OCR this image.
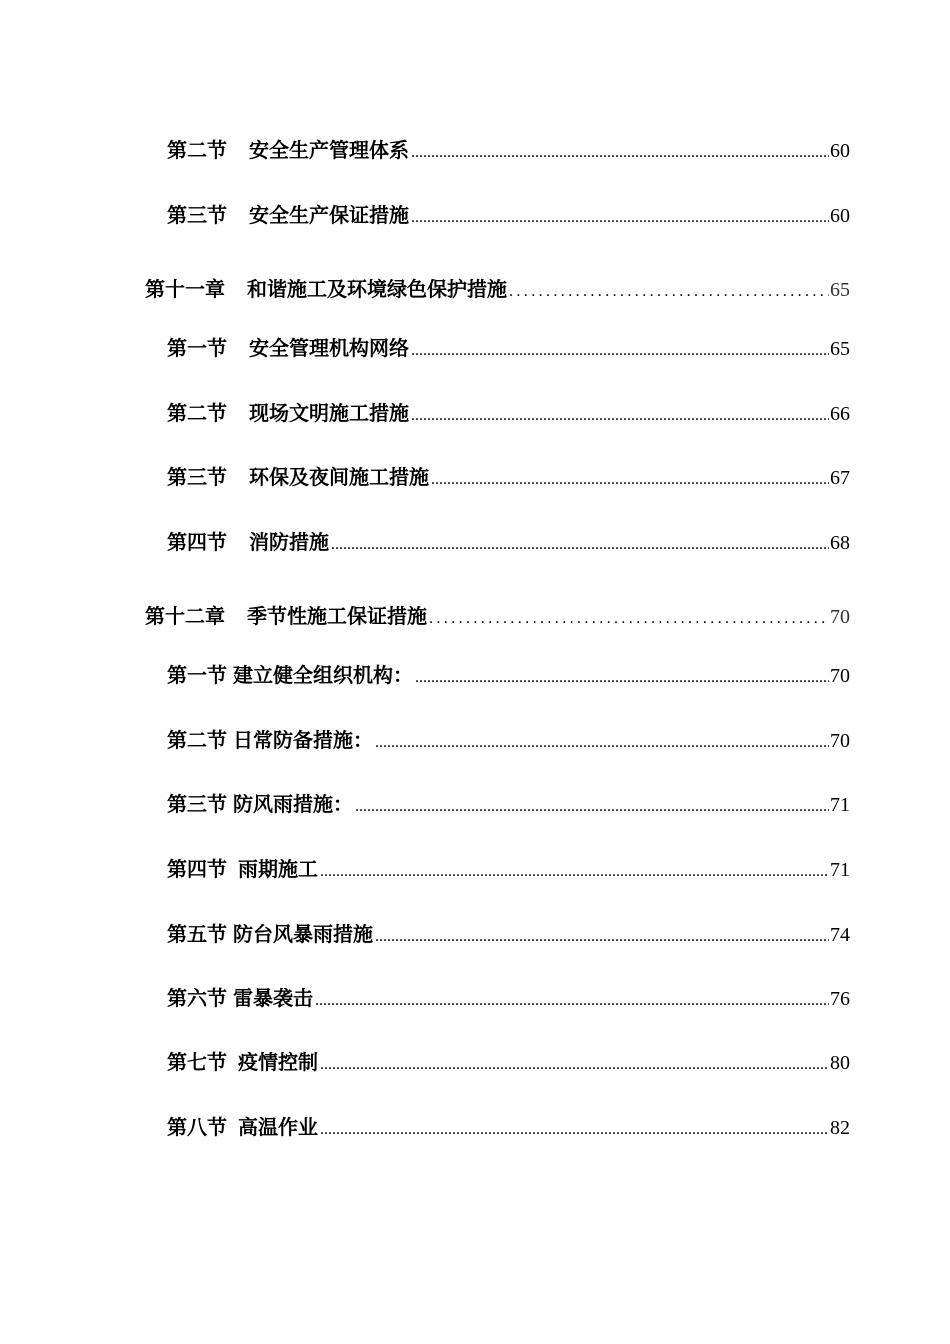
第二节 安全生产管理体系 .....	60
第三节 安全生产保证措施 .....	60
第十一章 和谐施工及环境绿色保护措施 .....	65
第一节 安全管理机构网络 .....	65
第二节 现场文明施工措施 .....	66
第三节 环保及夜间施工措施 .....	67
第四节 消防措施 .....	68
第十二章 季节性施工保证措施 .....	70
第一节 建立健全组织机构： .....	70
第二节 日常防备措施： .....	70
第三节 防风雨措施： .....	71
第四节 雨期施工 .....	71
第五节 防台风暴雨措施 .....	74
第六节 雷暴袭击 .....	76
第七节 疫情控制 .....	80
第八节 高温作业 .....	82
